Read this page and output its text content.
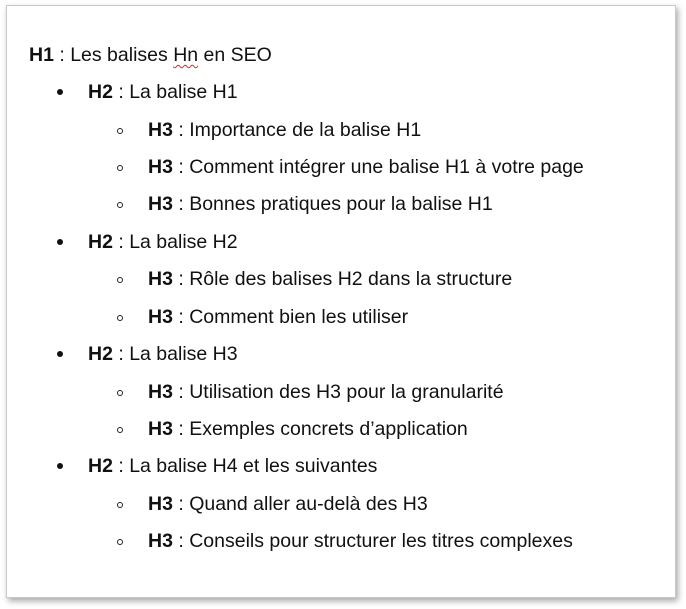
H1 : Les balises Hn en SEO
H2 : La balise H1
H3 : Importance de la balise H1
H3 : Comment intégrer une balise H1 à votre page
H3 : Bonnes pratiques pour la balise H1
H2 : La balise H2
H3 : Rôle des balises H2 dans la structure
H3 : Comment bien les utiliser
H2 : La balise H3
H3 : Utilisation des H3 pour la granularité
H3 : Exemples concrets d’application
H2 : La balise H4 et les suivantes
H3 : Quand aller au-delà des H3
H3 : Conseils pour structurer les titres complexes
